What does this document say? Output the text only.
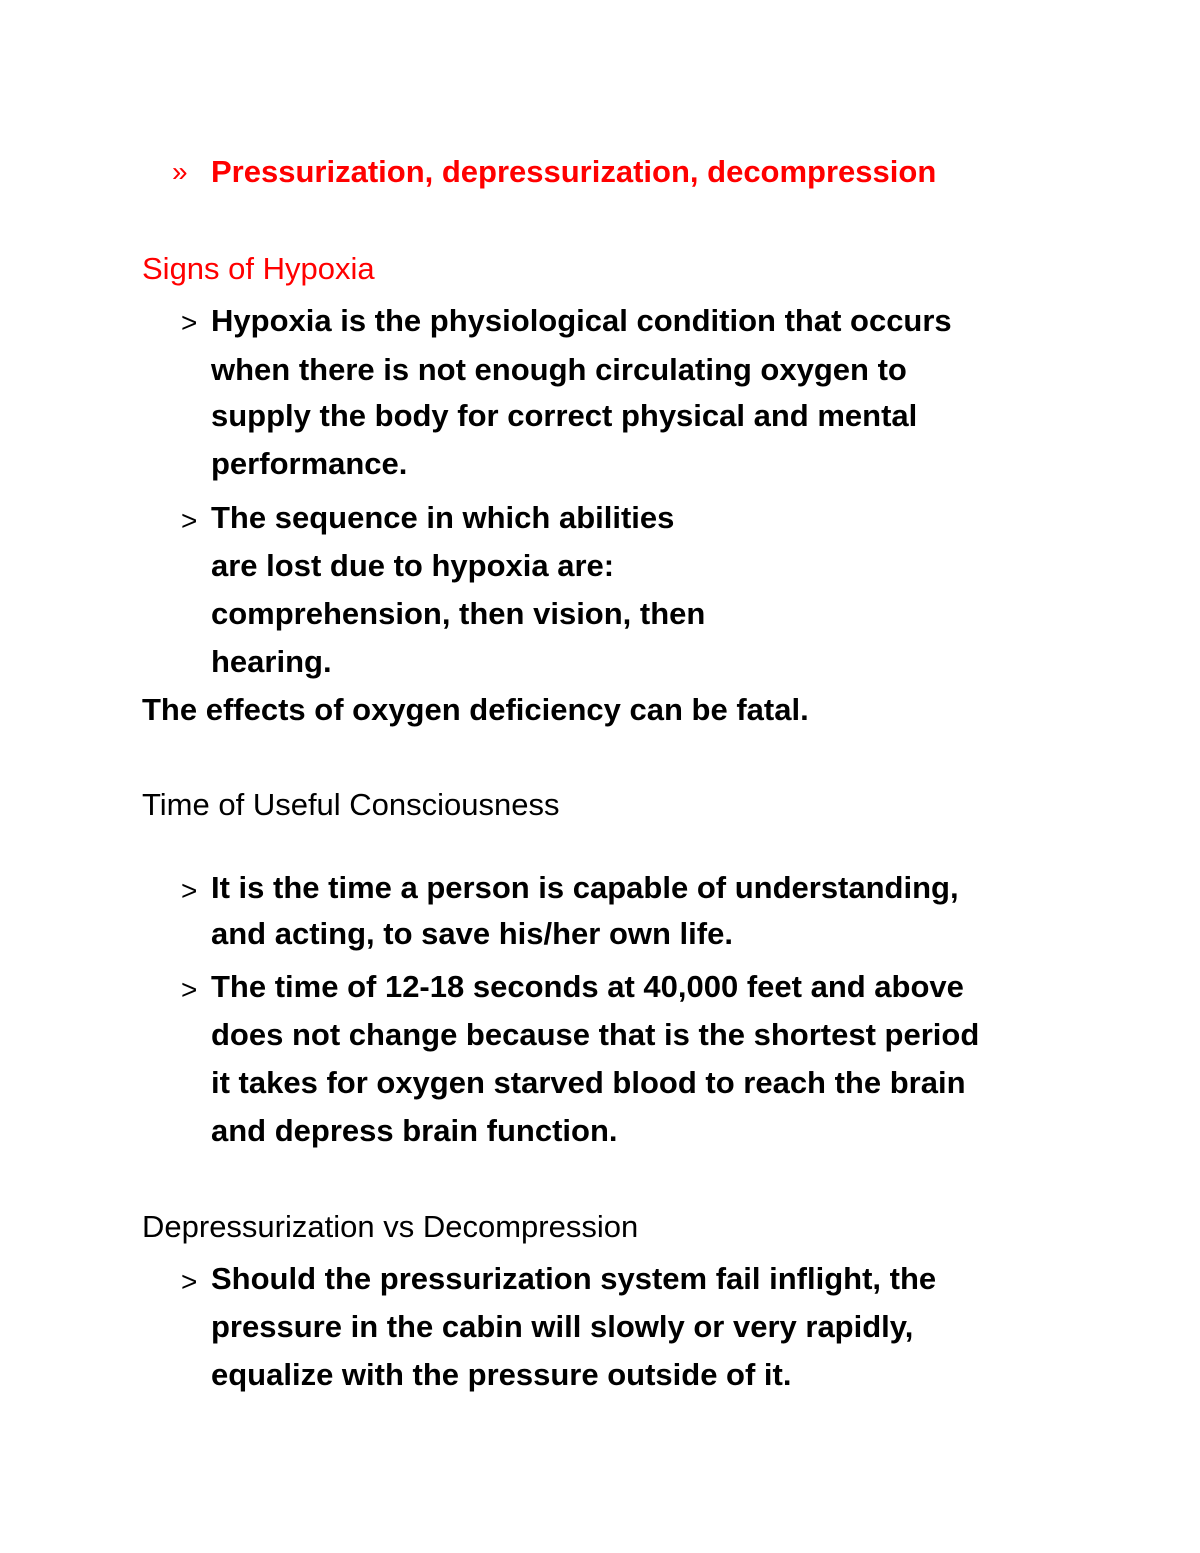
» Pressurization, depressurization, decompression
Signs of Hypoxia
> Hypoxia is the physiological condition that occurs
when there is not enough circulating oxygen to
supply the body for correct physical and mental
performance.
> The sequence in which abilities
are lost due to hypoxia are:
comprehension, then vision, then
hearing.
The effects of oxygen deficiency can be fatal.
Time of Useful Consciousness
> It is the time a person is capable of understanding,
and acting, to save his/her own life.
> The time of 12-18 seconds at 40,000 feet and above
does not change because that is the shortest period
it takes for oxygen starved blood to reach the brain
and depress brain function.
Depressurization vs Decompression
> Should the pressurization system fail inflight, the
pressure in the cabin will slowly or very rapidly,
equalize with the pressure outside of it.
